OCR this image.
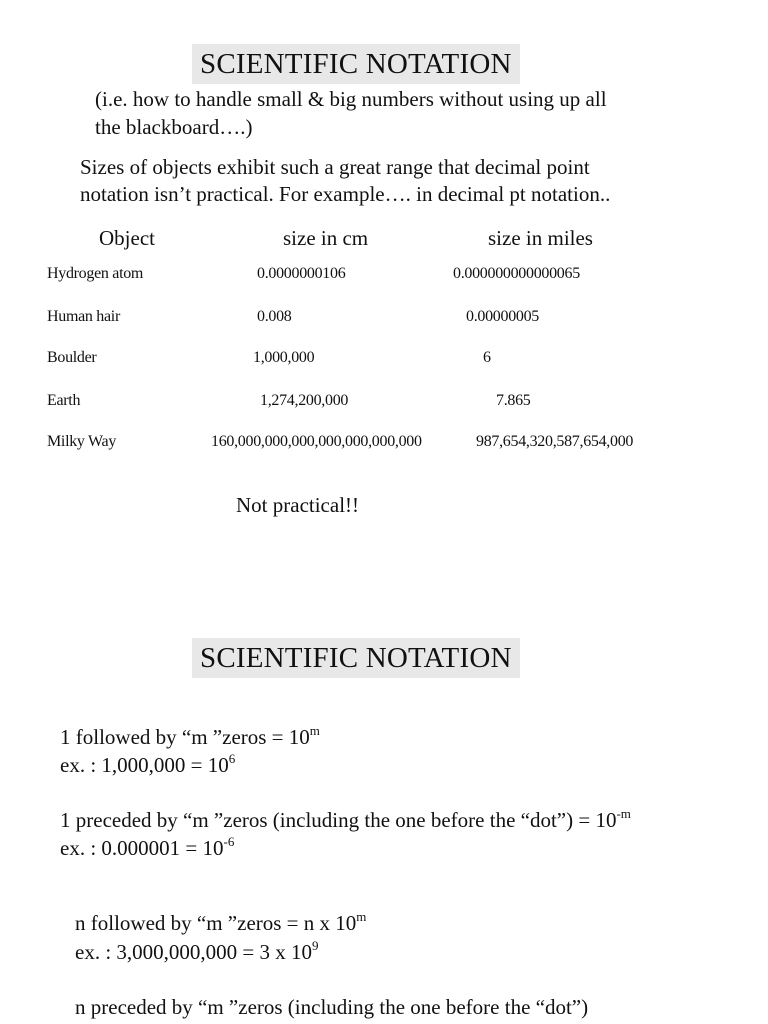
SCIENTIFIC NOTATION
(i.e. how to handle small & big numbers without using up all
the blackboard….)
Sizes of objects exhibit such a great range that decimal point
notation isn’t practical. For example…. in decimal pt notation..
Object	size in cm	size in miles
Hydrogen atom	0.0000000106	0.000000000000065
Human hair	0.008	0.00000005
Boulder	1,000,000	6
Earth	1,274,200,000	7.865
Milky Way	160,000,000,000,000,000,000,000	987,654,320,587,654,000
Not practical!!
SCIENTIFIC NOTATION
1 followed by “m ”zeros = $10^m$
ex. : $1,000,000 = 10^6$
1 preceded by “m ”zeros (including the one before the “dot”) = $10^{-m}$
ex. : $0.000001 = 10^{-6}$
n followed by “m ”zeros = n x 10$^m$
ex. : 3,000,000,000 = 3 x $10^9$
n preceded by “m ”zeros (including the one before the “dot”)
